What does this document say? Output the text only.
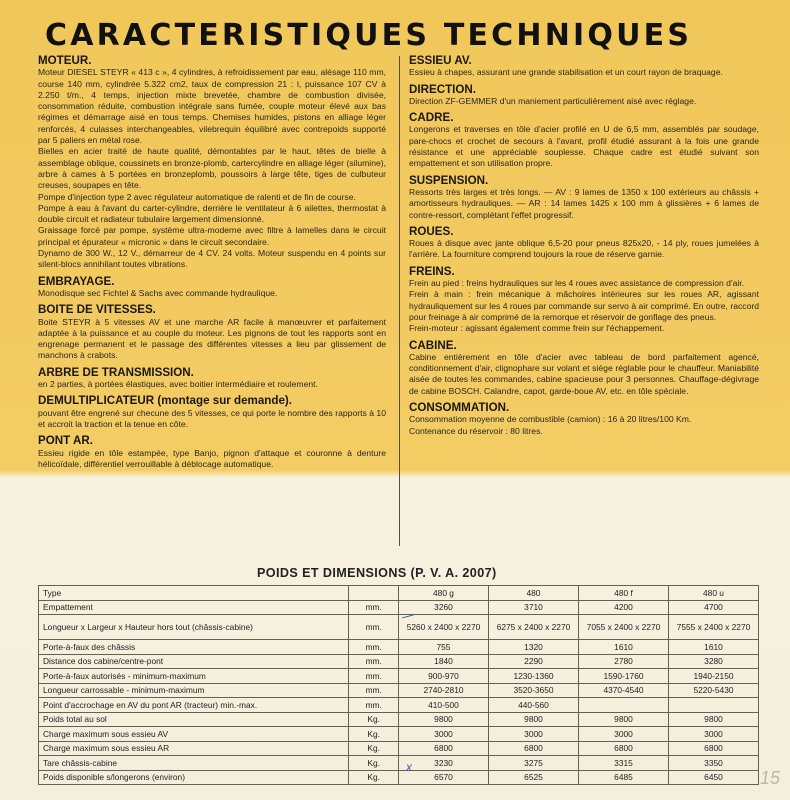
CARACTERISTIQUES TECHNIQUES
MOTEUR.

Moteur DIESEL STEYR « 413 c », 4 cylindres, à refroidissement par eau, alésage 110 mm, course 140 mm, cylindrée 5.322 cm2, taux de compression 21 : l, puissance 107 CV à 2.250 t/m., 4 temps, injection mixte brevetée, chambre de combustion divisée, consommation réduite, combustion intégrale sans fumée, couple moteur élevé aux bas régimes et démarrage aisé en tous temps. Chemises humides, pistons en alliage léger renforcés, 4 culasses interchangeables, vilebrequin équilibré avec contrepoids supporté par 5 paliers en métal rose.

Bielles en acier traité de haute qualité, démontables par le haut, têtes de bielle à assemblage oblique, coussinets en bronze-plomb, cartercylindre en alliage léger (silumine), arbre à cames à 5 portées en bronzeplomb, poussoirs à large tête, tiges de culbuteur creuses, soupapes en tête.

Pompe d'injection type 2 avec régulateur automatique de ralenti et de fin de course.

Pompe à eau à l'avant du carter-cylindre, derrière le ventilateur à 6 ailettes, thermostat à double circuit et radiateur tubulaire largement dimensionné.

Graissage forcé par pompe, système ultra-moderne avec filtre à lamelles dans le circuit principal et épurateur « micronic » dans le circuit secondaire.

Dynamo de 300 W., 12 V., démarreur de 4 CV. 24 volts. Moteur suspendu en 4 points sur silent-blocs annihilant toutes vibrations.

EMBRAYAGE.

Monodisque sec Fichtel & Sachs avec commande hydraulique.

BOITE DE VITESSES.

Boite STEYR à 5 vitesses AV et une marche AR facile à manœuvrer et parfaitement adaptée à la puissance et au couple du moteur. Les pignons de tout les rapports sont en engrenage permanent et le passage des différentes vitesses a lieu par glissement de manchons à crabots.

ARBRE DE TRANSMISSION.

en 2 parties, à portées élastiques, avec boitier intermédiaire et roulement.

DEMULTIPLICATEUR (montage sur demande).

pouvant être engrené sur checune des 5 vitesses, ce qui porte le nombre des rapports à 10 et accroit la traction et la tenue en côte.

PONT AR.

Essieu rigide en tôle estampée, type Banjo, pignon d'attaque et couronne à denture hélicoïdale, différentiel verrouillable à déblocage automatique.

ESSIEU AV.

Essieu à chapes, assurant une grande stabilisation et un court rayon de braquage.

DIRECTION.

Direction ZF-GEMMER d'un maniement particulièrement aisé avec réglage.

CADRE.

Longerons et traverses en tôle d'acier profilé en U de 6,5 mm, assemblés par soudage, pare-chocs et crochet de secours à l'avant, profil étudié assurant à la fois une grande résistance et une appréciable souplesse. Chaque cadre est étudié suivant son empattement et son utilisation propre.

SUSPENSION.

Ressorts très larges et très longs. — AV : 9 lames de 1350 x 100 extérieurs au châssis + amortisseurs hydrauliques. — AR : 14 lames 1425 x 100 mm à glissières + 6 lames de contre-ressort, complétant l'effet progressif.

ROUES.

Roues à disque avec jante oblique 6,5-20 pour pneus 825x20, - 14 ply, roues jumelées à l'arrière. La fourniture comprend toujours la roue de réserve garnie.

FREINS.

Frein au pied : freins hydrauliques sur les 4 roues avec assistance de compression d'air.

Frein à main : frein mécanique à mâchoires intérieures sur les roues AR, agissant hydrauliquement sur les 4 roues par commande sur servo à air comprimé. En outre, raccord pour freinage à air comprimé de la remorque et réservoir de gonflage des pneus.

Frein-moteur : agissant également comme frein sur l'échappement.

CABINE.

Cabine entièrement en tôle d'acier avec tableau de bord parfaitement agencé, conditionnement d'air, clignophare sur volant et siège réglable pour le chauffeur. Maniabilité aisée de toutes les commandes, cabine spacieuse pour 3 personnes. Chauffage-dégivrage de cabine BOSCH. Calandre, capot, garde-boue AV, etc. en tôle spéciale.

CONSOMMATION.

Consommation moyenne de combustible (camion) : 16 à 20 litres/100 Km.

Contenance du réservoir : 80 litres.

POIDS ET DIMENSIONS (P. V. A. 2007)
Type		480 g	480	480 f	480 u
Empattement	mm.	3260	3710	4200	4700
Longueur x Largeur x Hauteur hors tout (châssis-cabine)	mm.	5260 x 2400 x 2270	6275 x 2400 x 2270	7055 x 2400 x 2270	7555 x 2400 x 2270
Porte-à-faux des châssis	mm.	755	1320	1610	1610
Distance dos cabine/centre-pont	mm.	1840	2290	2780	3280
Porte-à-faux autorisés - minimum-maximum	mm.	900-970	1230-1360	1590-1760	1940-2150
Longueur carrossable - minimum-maximum	mm.	2740-2810	3520-3650	4370-4540	5220-5430
Point d'accrochage en AV du pont AR (tracteur) min.-max.	mm.	410-500	440-560		
Poids total au sol	Kg.	9800	9800	9800	9800
Charge maximum sous essieu AV	Kg.	3000	3000	3000	3000
Charge maximum sous essieu AR	Kg.	6800	6800	6800	6800
Tare châssis-cabine	Kg.	3230	3275	3315	3350
Poids disponible s/longerons (environ)	Kg.	6570	6525	6485	6450
x
15
